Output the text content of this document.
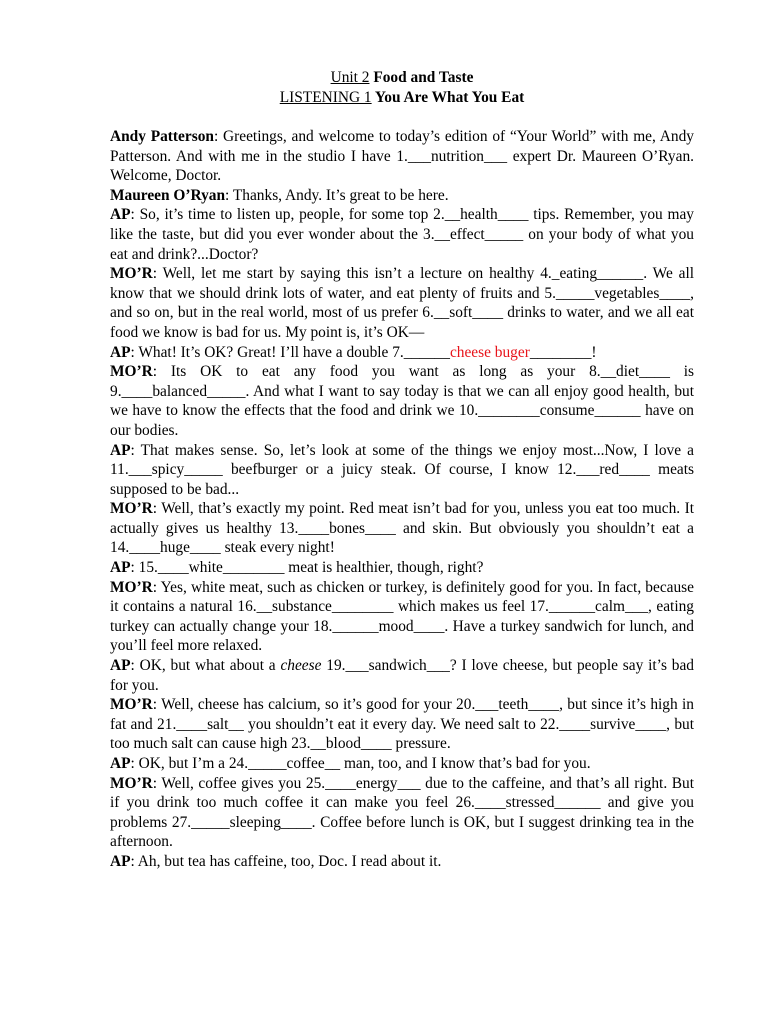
Unit 2 Food and Taste
LISTENING 1 You Are What You Eat

Andy Patterson: Greetings, and welcome to today’s edition of “Your World” with me, Andy Patterson. And with me in the studio I have 1.___nutrition___ expert Dr. Maureen O’Ryan. Welcome, Doctor.

Maureen O’Ryan: Thanks, Andy. It’s great to be here.

AP: So, it’s time to listen up, people, for some top 2.__health____ tips. Remember, you may like the taste, but did you ever wonder about the 3.__effect_____ on your body of what you eat and drink?...Doctor?

MO’R: Well, let me start by saying this isn’t a lecture on healthy 4._eating______. We all know that we should drink lots of water, and eat plenty of fruits and 5._____vegetables____, and so on, but in the real world, most of us prefer 6.__soft____ drinks to water, and we all eat food we know is bad for us. My point is, it’s OK—

AP: What! It’s OK? Great! I’ll have a double 7.______cheese buger________!

MO’R: Its OK to eat any food you want as long as your 8.__diet____ is 9.____balanced_____. And what I want to say today is that we can all enjoy good health, but we have to know the effects that the food and drink we 10.________consume______ have on our bodies.

AP: That makes sense. So, let’s look at some of the things we enjoy most...Now, I love a 11.___spicy_____ beefburger or a juicy steak. Of course, I know 12.___red____ meats supposed to be bad...

MO’R: Well, that’s exactly my point. Red meat isn’t bad for you, unless you eat too much. It actually gives us healthy 13.____bones____ and skin. But obviously you shouldn’t eat a 14.____huge____ steak every night!

AP: 15.____white________ meat is healthier, though, right?

MO’R: Yes, white meat, such as chicken or turkey, is definitely good for you. In fact, because it contains a natural 16.__substance________ which makes us feel 17.______calm___, eating turkey can actually change your 18.______mood____. Have a turkey sandwich for lunch, and you’ll feel more relaxed.

AP: OK, but what about a cheese 19.___sandwich___? I love cheese, but people say it’s bad for you.

MO’R: Well, cheese has calcium, so it’s good for your 20.___teeth____, but since it’s high in fat and 21.____salt__ you shouldn’t eat it every day. We need salt to 22.____survive____, but too much salt can cause high 23.__blood____ pressure.

AP: OK, but I’m a 24._____coffee__ man, too, and I know that’s bad for you.

MO’R: Well, coffee gives you 25.____energy___ due to the caffeine, and that’s all right. But if you drink too much coffee it can make you feel 26.____stressed______ and give you problems 27._____sleeping____. Coffee before lunch is OK, but I suggest drinking tea in the afternoon.

AP: Ah, but tea has caffeine, too, Doc. I read about it.
